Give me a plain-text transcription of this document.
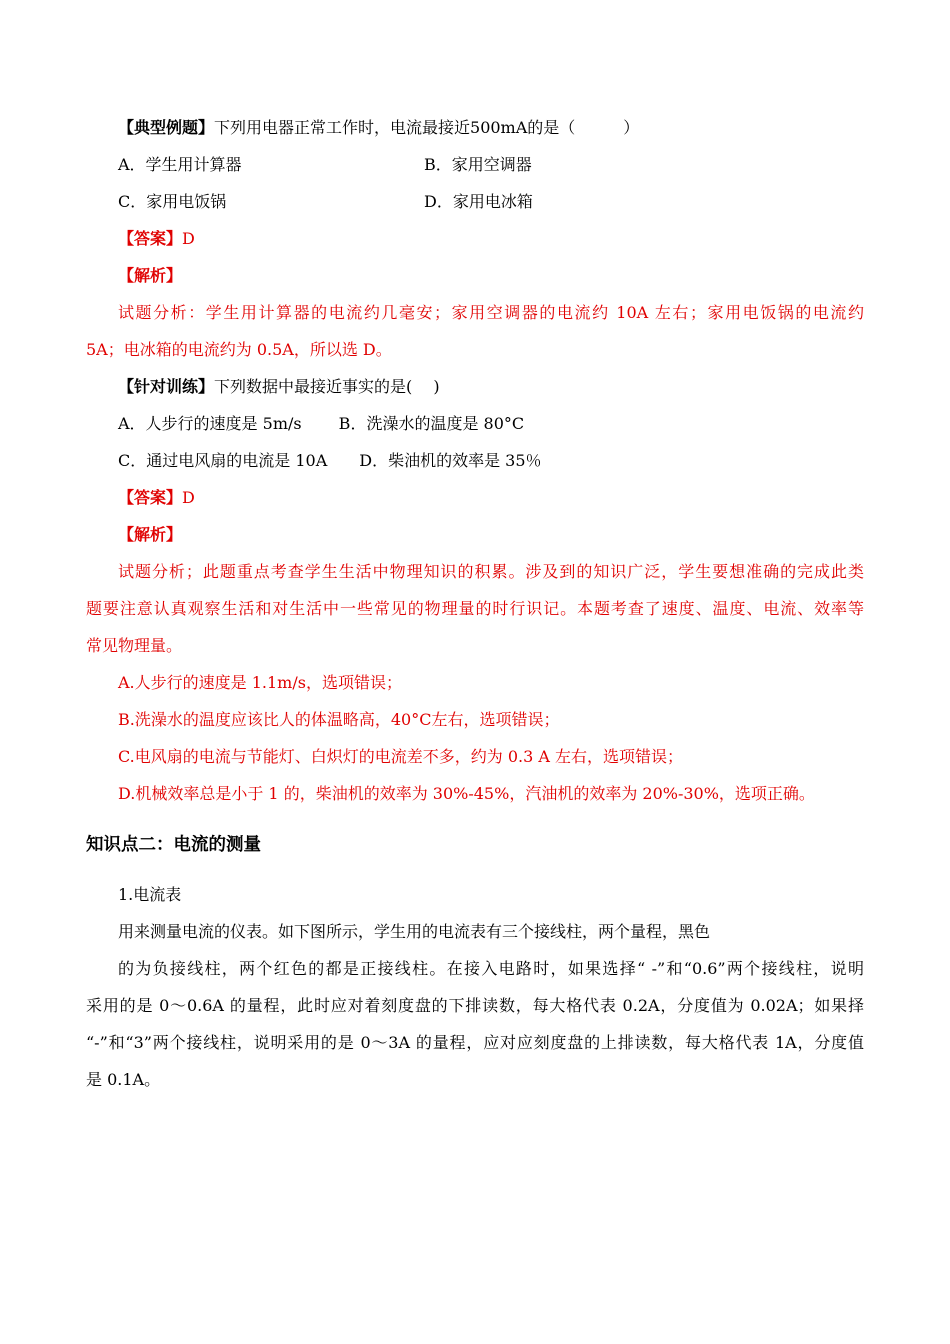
【典型例题】下列用电器正常工作时，电流最接近500mA的是（　　　）
A．学生用计算器	B．家用空调器
C．家用电饭锅	D．家用电冰箱
【答案】D
【解析】
试题分析：学生用计算器的电流约几毫安；家用空调器的电流约 10A 左右；家用电饭锅的电流约
5A；电冰箱的电流约为 0.5A，所以选 D。
【针对训练】下列数据中最接近事实的是(　 )
A．人步行的速度是 5m/s　　 B．洗澡水的温度是 80°C
C．通过电风扇的电流是 10A　　D．柴油机的效率是 35％
【答案】D
【解析】
试题分析；此题重点考查学生生活中物理知识的积累。涉及到的知识广泛，学生要想准确的完成此类
题要注意认真观察生活和对生活中一些常见的物理量的时行识记。本题考查了速度、温度、电流、效率等
常见物理量。
A.人步行的速度是 1.1m/s，选项错误；
B.洗澡水的温度应该比人的体温略高，40°C左右，选项错误；
C.电风扇的电流与节能灯、白炽灯的电流差不多，约为 0.3 A 左右，选项错误；
D.机械效率总是小于 1 的，柴油机的效率为 30%-45%，汽油机的效率为 20%-30%，选项正确。
知识点二：电流的测量
1.电流表
用来测量电流的仪表。如下图所示，学生用的电流表有三个接线柱，两个量程，黑色
的为负接线柱，两个红色的都是正接线柱。在接入电路时，如果选择“ -”和“0.6”两个接线柱，说明
采用的是 0～0.6A 的量程，此时应对着刻度盘的下排读数，每大格代表 0.2A，分度值为 0.02A；如果择
“-”和“3”两个接线柱，说明采用的是 0～3A 的量程，应对应刻度盘的上排读数，每大格代表 1A，分度值
是 0.1A。
